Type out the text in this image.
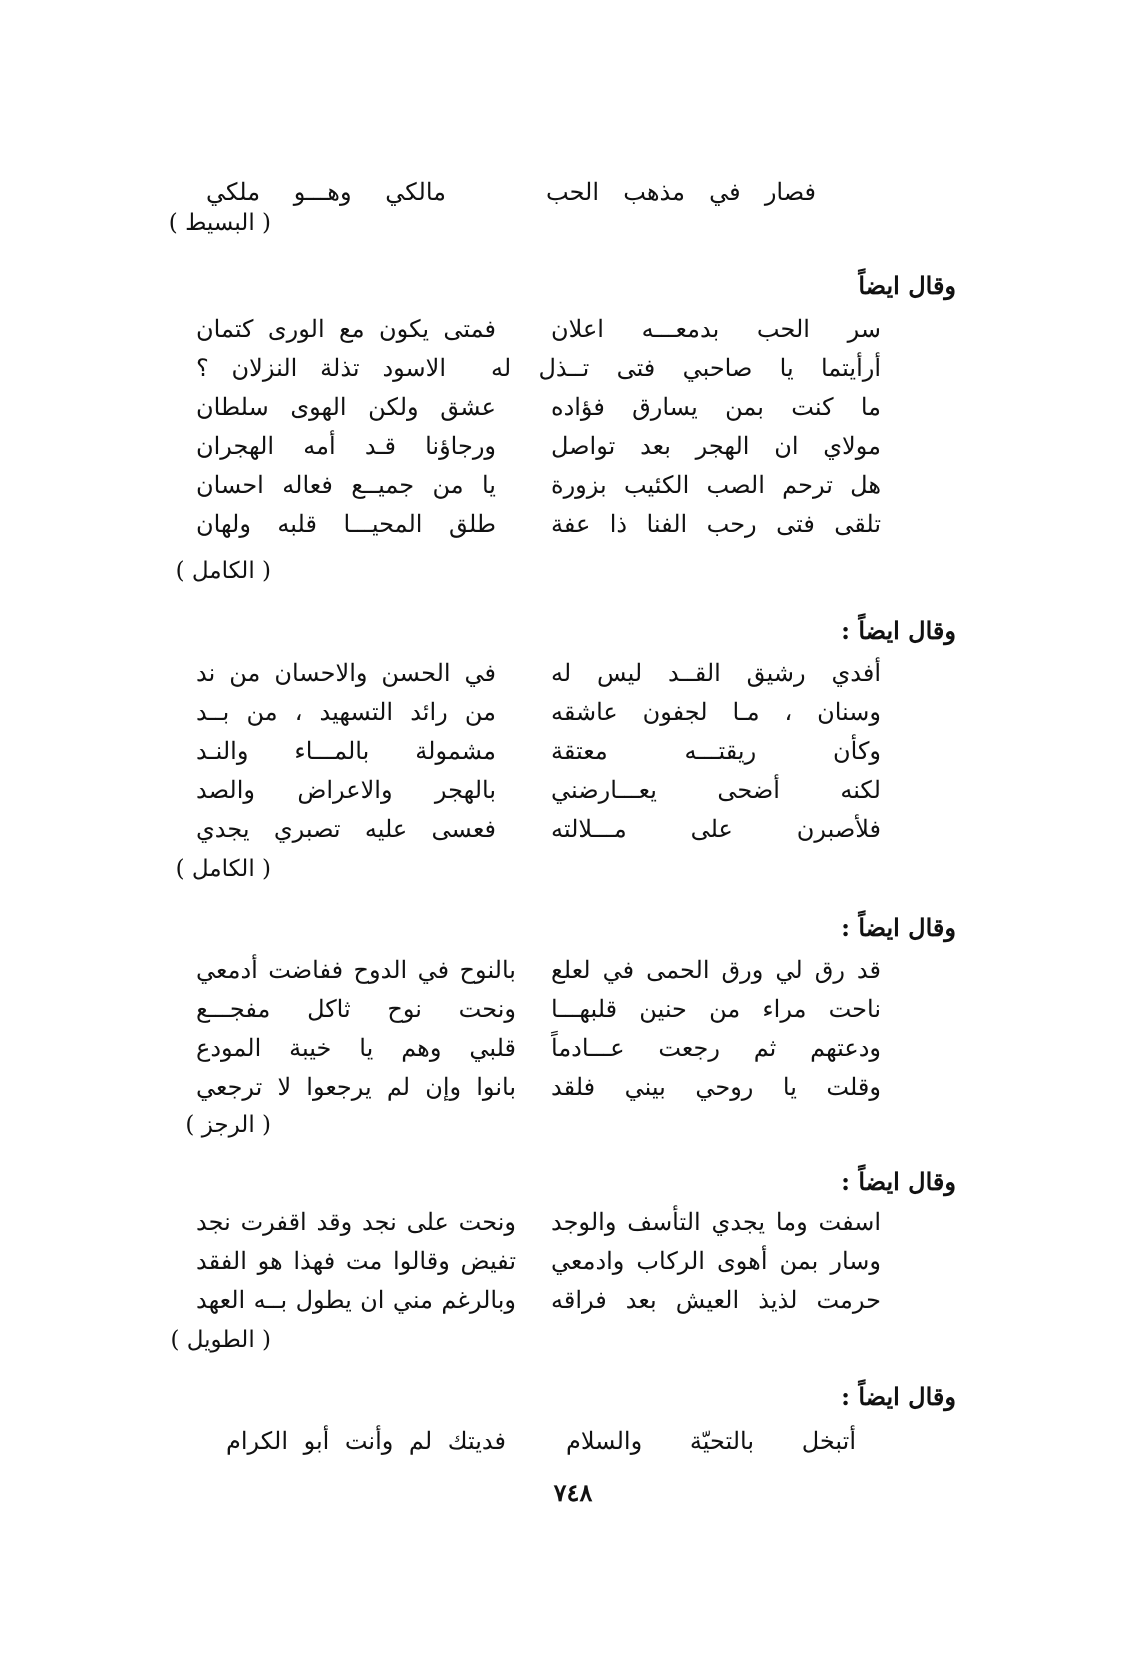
فصار في مذهب الحب
مالكي وهـــو ملكي
( البسيط )
وقال ايضاً
سر الحب بدمعـــه اعلان
فمتى يكون مع الورى كتمان
أرأيتما يا صاحبي فتى تــذل له
الاسود تذلة النزلان ؟
ما كنت بمن يسارق فؤاده
عشق ولكن الهوى سلطان
مولاي ان الهجر بعد تواصل
ورجاؤنا قـد أمه الهجران
هل ترحم الصب الكئيب بزورة
يا من جميــع فعاله احسان
تلقى فتى رحب الفنا ذا عفة
طلق المحيـــا قلبه ولهان
( الكامل )
وقال ايضاً :
أفدي رشيق القــد ليس له
في الحسن والاحسان من ند
وسنان ، مـا لجفون عاشقه
من رائد التسهيد ، من بــد
وكأن ريقتـــه معتقة
مشمولة بالمـــاء والنـد
لكنه أضحى يعـــارضني
بالهجر والاعراض والصد
فلأصبرن على مـــلالته
فعسى عليه تصبري يجدي
( الكامل )
وقال ايضاً :
قد رق لي ورق الحمى في لعلع
بالنوح في الدوح ففاضت أدمعي
ناحت مراء من حنين قلبهـــا
ونحت نوح ثاكل مفجـــع
ودعتهم ثم رجعت عـــادماً
قلبي وهم يا خيبة المودع
وقلت يا روحي بيني فلقد
بانوا وإن لم يرجعوا لا ترجعي
( الرجز )
وقال ايضاً :
اسفت وما يجدي التأسف والوجد
ونحت على نجد وقد اقفرت نجد
وسار بمن أهوى الركاب وادمعي
تفيض وقالوا مت فهذا هو الفقد
حرمت لذيذ العيش بعد فراقه
وبالرغم مني ان يطول بــه العهد
( الطويل )
وقال ايضاً :
أتبخل بالتحيّة والسلام
فديتك لم وأنت أبو الكرام
٧٤٨
